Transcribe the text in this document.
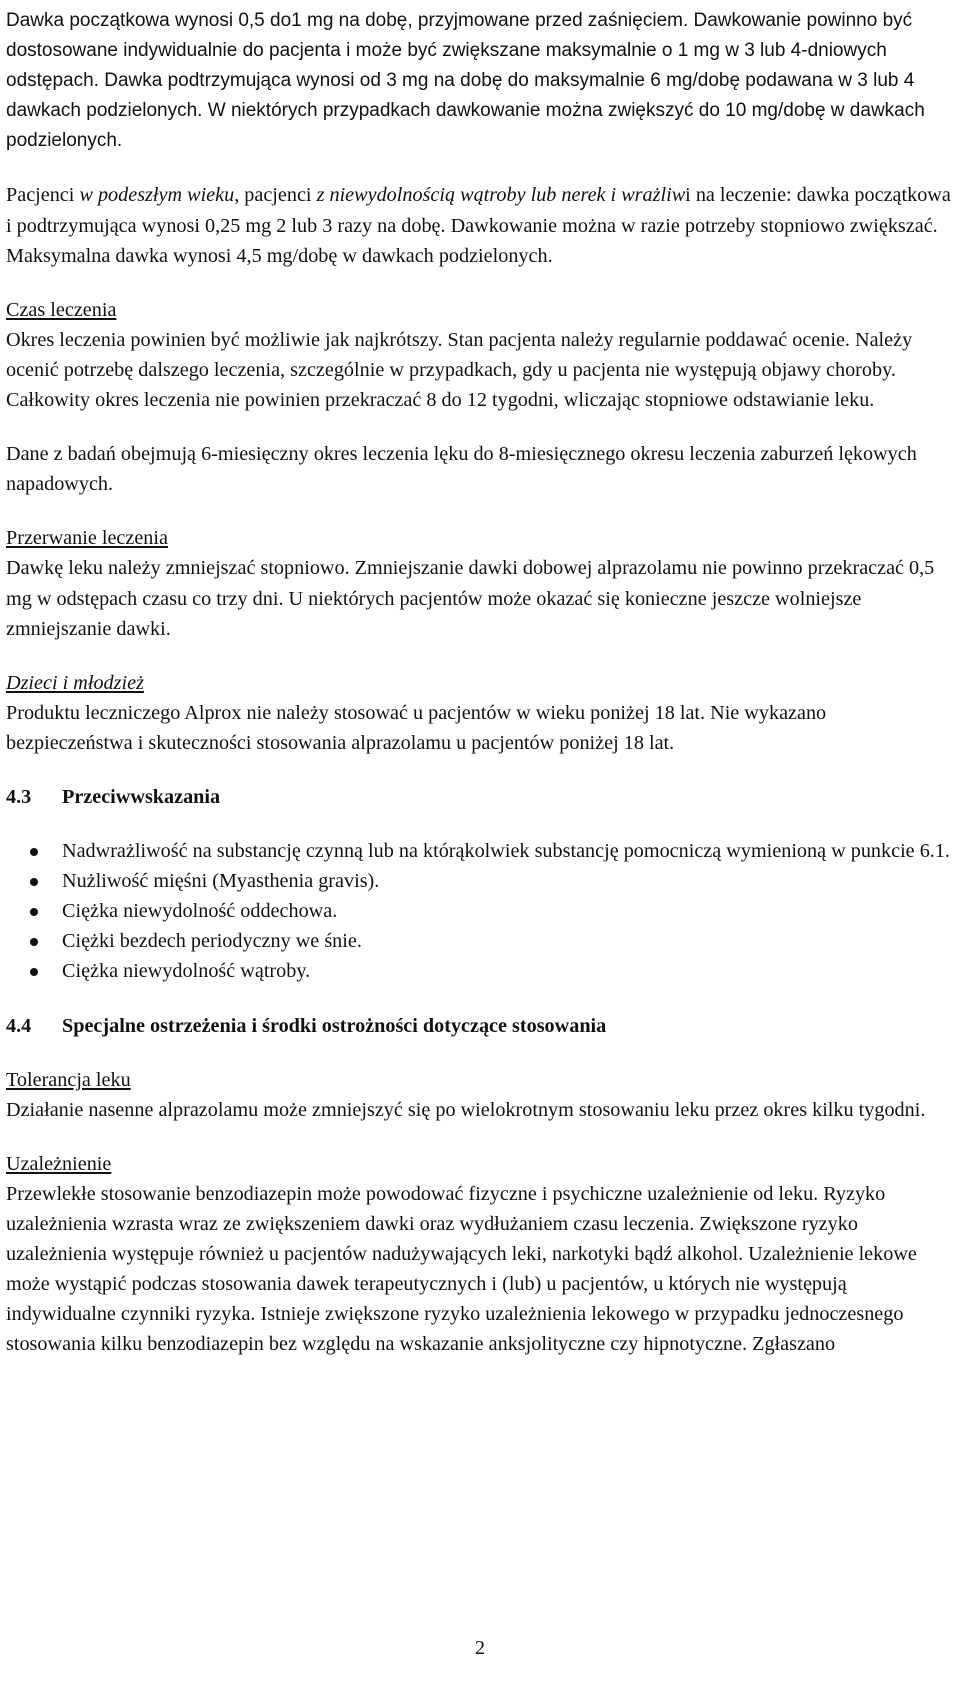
Dawka początkowa wynosi 0,5 do1 mg na dobę, przyjmowane przed zaśnięciem. Dawkowanie powinno być dostosowane indywidualnie do pacjenta i może być zwiększane maksymalnie o 1 mg w 3 lub 4-dniowych odstępach. Dawka podtrzymująca wynosi od 3 mg na dobę do maksymalnie 6 mg/dobę podawana w 3 lub 4 dawkach podzielonych. W niektórych przypadkach dawkowanie można zwiększyć do 10 mg/dobę w dawkach podzielonych.

Pacjenci w podeszłym wieku, pacjenci z niewydolnością wątroby lub nerek i wrażliwi na leczenie: dawka początkowa i podtrzymująca wynosi 0,25 mg 2 lub 3 razy na dobę. Dawkowanie można w razie potrzeby stopniowo zwiększać. Maksymalna dawka wynosi 4,5 mg/dobę w dawkach podzielonych.

Czas leczenia

Okres leczenia powinien być możliwie jak najkrótszy. Stan pacjenta należy regularnie poddawać ocenie. Należy ocenić potrzebę dalszego leczenia, szczególnie w przypadkach, gdy u pacjenta nie występują objawy choroby. Całkowity okres leczenia nie powinien przekraczać 8 do 12 tygodni, wliczając stopniowe odstawianie leku.

Dane z badań obejmują 6-miesięczny okres leczenia lęku do 8-miesięcznego okresu leczenia zaburzeń lękowych napadowych.

Przerwanie leczenia

Dawkę leku należy zmniejszać stopniowo. Zmniejszanie dawki dobowej alprazolamu nie powinno przekraczać 0,5 mg w odstępach czasu co trzy dni. U niektórych pacjentów może okazać się konieczne jeszcze wolniejsze zmniejszanie dawki.

Dzieci i młodzież

Produktu leczniczego Alprox nie należy stosować u pacjentów w wieku poniżej 18 lat. Nie wykazano bezpieczeństwa i skuteczności stosowania alprazolamu u pacjentów poniżej 18 lat.

4.3 Przeciwwskazania
Nadwrażliwość na substancję czynną lub na którąkolwiek substancję pomocniczą wymienioną w punkcie 6.1.
Nużliwość mięśni (Myasthenia gravis).
Ciężka niewydolność oddechowa.
Ciężki bezdech periodyczny we śnie.
Ciężka niewydolność wątroby.
4.4 Specjalne ostrzeżenia i środki ostrożności dotyczące stosowania

Tolerancja leku

Działanie nasenne alprazolamu może zmniejszyć się po wielokrotnym stosowaniu leku przez okres kilku tygodni.

Uzależnienie

Przewlekłe stosowanie benzodiazepin może powodować fizyczne i psychiczne uzależnienie od leku. Ryzyko uzależnienia wzrasta wraz ze zwiększeniem dawki oraz wydłużaniem czasu leczenia. Zwiększone ryzyko uzależnienia występuje również u pacjentów nadużywających leki, narkotyki bądź alkohol. Uzależnienie lekowe może wystąpić podczas stosowania dawek terapeutycznych i (lub) u pacjentów, u których nie występują indywidualne czynniki ryzyka. Istnieje zwiększone ryzyko uzależnienia lekowego w przypadku jednoczesnego stosowania kilku benzodiazepin bez względu na wskazanie anksjolityczne czy hipnotyczne. Zgłaszano

2
